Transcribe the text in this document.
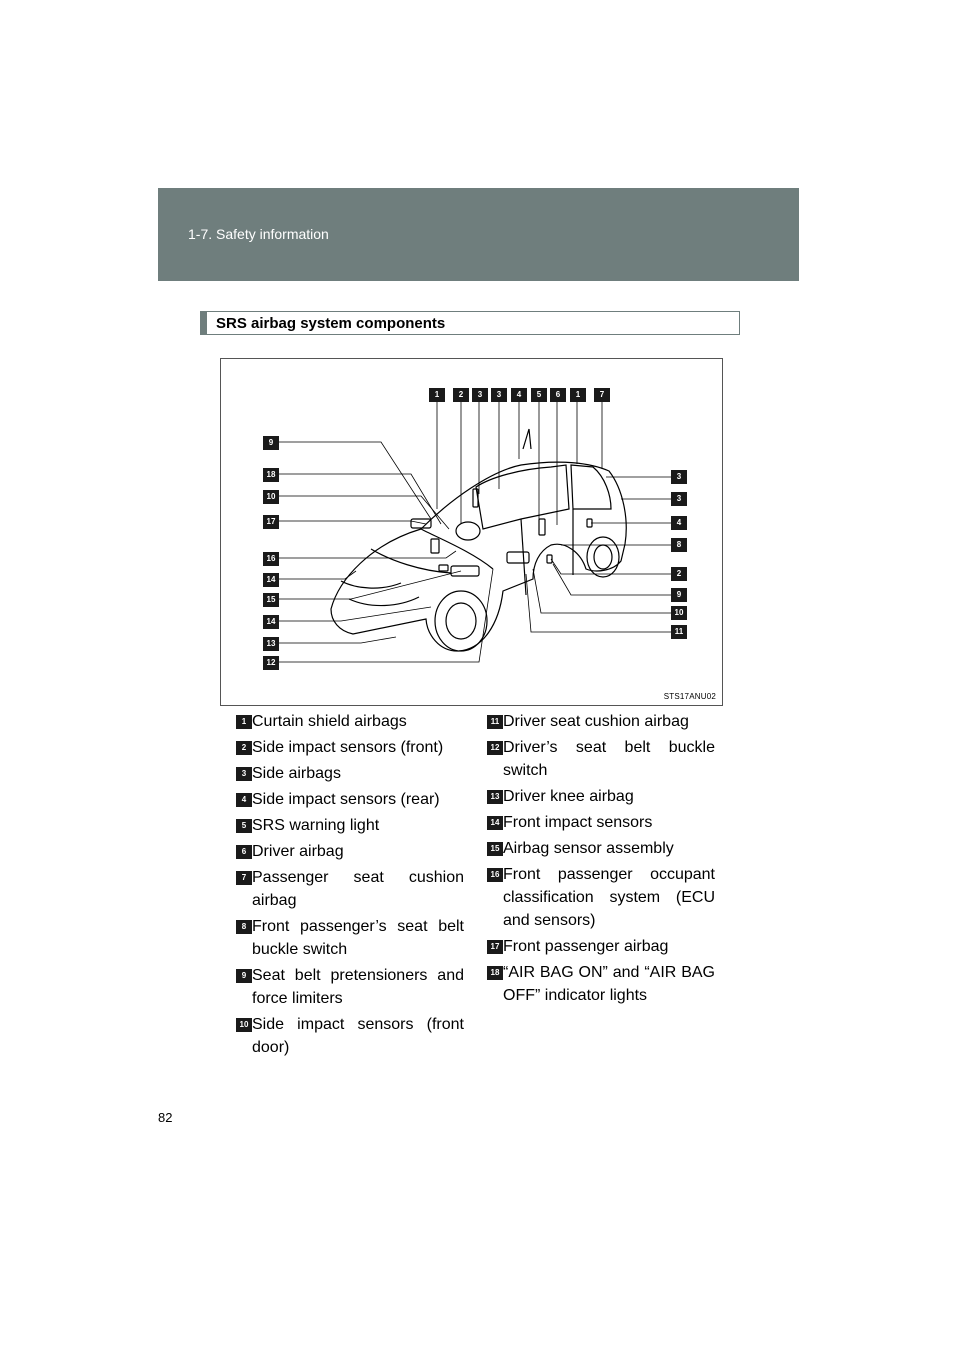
1-7. Safety information
SRS airbag system components
1	2	3	3	4	5	6	1	7
9
18
10
17
16
14
15
14
13
12
3
3
4
8
2
9
10
11
STS17ANU02
1 Curtain shield airbags
2 Side impact sensors (front)
3 Side airbags
4 Side impact sensors (rear)
5 SRS warning light
6 Driver airbag
7 Passenger seat cushion airbag
8 Front passenger’s seat belt buckle switch
9 Seat belt pretensioners and force limiters
10 Side impact sensors (front door)
11 Driver seat cushion airbag
12 Driver’s seat belt buckle switch
13 Driver knee airbag
14 Front impact sensors
15 Airbag sensor assembly
16 Front passenger occupant classification system (ECU and sensors)
17 Front passenger airbag
18 “AIR BAG ON” and “AIR BAG OFF” indicator lights
82
